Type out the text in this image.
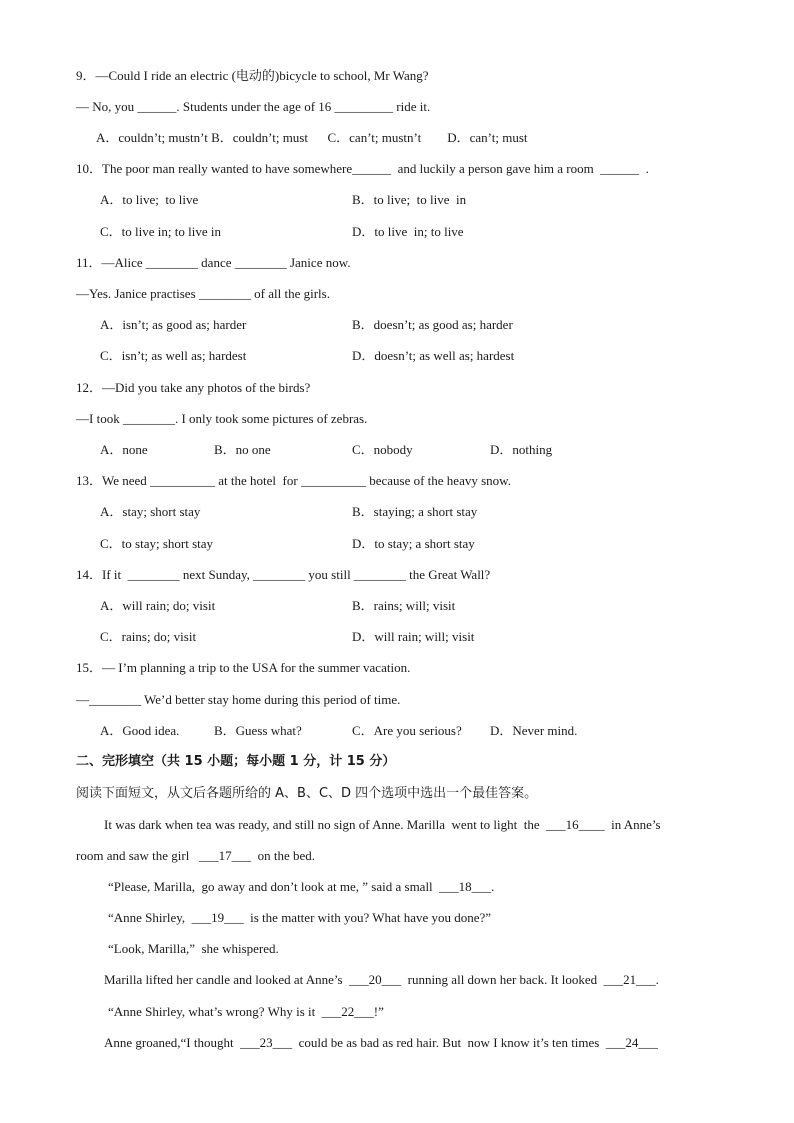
9．—Could I ride an electric (电动的)bicycle to school, Mr Wang?
— No, you ______. Students under the age of 16 _________ ride it.
A．couldn’t; mustn’t B．couldn’t; must      C．can’t; mustn’t        D．can’t; must
10．The poor man really wanted to have somewhere______  and luckily a person gave him a room  ______  .
A．to live;  to live	B．to live;  to live  in
C．to live in; to live in	D．to live  in; to live
11．—Alice ________ dance ________ Janice now.
—Yes. Janice practises ________ of all the girls.
A．isn’t; as good as; harder	B．doesn’t; as good as; harder
C．isn’t; as well as; hardest	D．doesn’t; as well as; hardest
12．—Did you take any photos of the birds?
—I took ________. I only took some pictures of zebras.
A．none	B．no one	C．nobody	D．nothing
13．We need __________ at the hotel  for __________ because of the heavy snow.
A．stay; short stay	B．staying; a short stay
C．to stay; short stay	D．to stay; a short stay
14．If it  ________ next Sunday, ________ you still ________ the Great Wall?
A．will rain; do; visit	B．rains; will; visit
C．rains; do; visit	D．will rain; will; visit
15．— I’m planning a trip to the USA for the summer vacation.
—________ We’d better stay home during this period of time.
A．Good idea.	B．Guess what?	C．Are you serious? D．Never mind.
二、完形填空（共 15 小题；每小题 1 分，计 15 分）
阅读下面短文，从文后各题所给的 A、B、C、D 四个选项中选出一个最佳答案。
It was dark when tea was ready, and still no sign of Anne. Marilla  went to light  the  ___16____  in Anne’s
room and saw the girl   ___17___  on the bed.
“Please, Marilla,  go away and don’t look at me, ” said a small  ___18___.
“Anne Shirley,  ___19___  is the matter with you? What have you done?”
“Look, Marilla,”  she whispered.
Marilla lifted her candle and looked at Anne’s  ___20___  running all down her back. It looked  ___21___.
“Anne Shirley, what’s wrong? Why is it  ___22___!”
Anne groaned,“I thought  ___23___  could be as bad as red hair. But  now I know it’s ten times  ___24___
